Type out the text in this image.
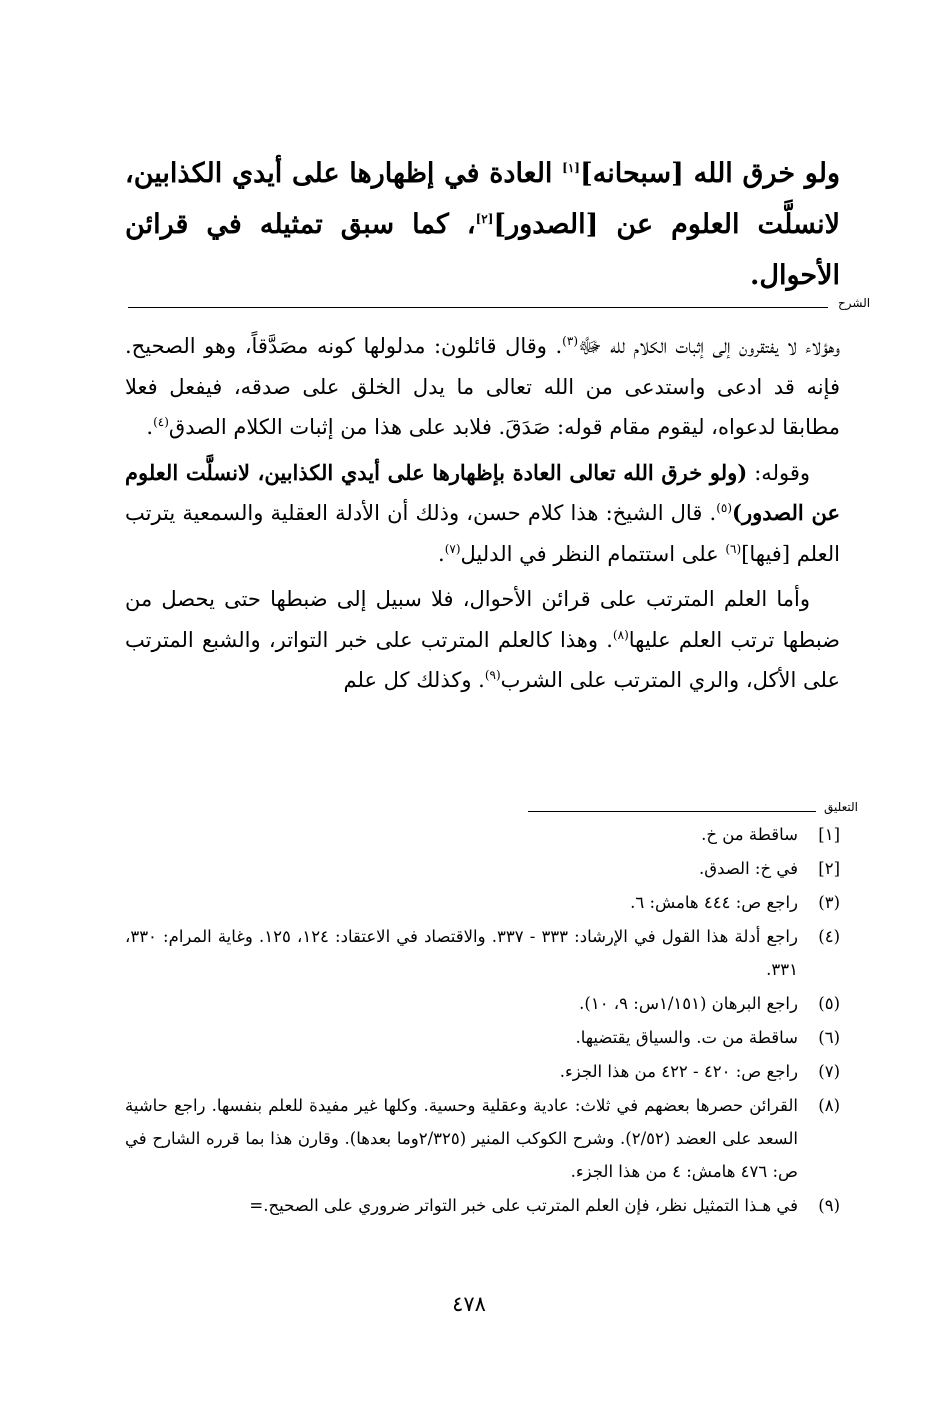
ولو خرق الله [سبحانه][١] العادة في إظهارها على أيدي الكذابين، لانسلَّت العلوم عن [الصدور][٢]، كما سبق تمثيله في قرائن الأحوال.

الشرح

وهؤلاء لا يفتقرون إلى إثبات الكلام لله ﷻ$^{(٣)}$. وقال قائلون: مدلولها كونه مصَدَّقاً، وهو الصحيح. فإنه قد ادعى واستدعى من الله تعالى ما يدل الخلق على صدقه، فيفعل فعلا مطابقا لدعواه، ليقوم مقام قوله: صَدَقَ. فلابد على هذا من إثبات الكلام الصدق$^{(٤)}$.

وقوله: (ولو خرق الله تعالى العادة بإظهارها على أيدي الكذابين، لانسلَّت العلوم عن الصدور)$^{(٥)}$. قال الشيخ: هذا كلام حسن، وذلك أن الأدلة العقلية والسمعية يترتب العلم [فيها]$^{(٦)}$ على استتمام النظر في الدليل$^{(٧)}$.

وأما العلم المترتب على قرائن الأحوال، فلا سبيل إلى ضبطها حتى يحصل من ضبطها ترتب العلم عليها$^{(٨)}$. وهذا كالعلم المترتب على خبر التواتر، والشبع المترتب على الأكل، والري المترتب على الشرب$^{(٩)}$. وكذلك كل علم

التعليق
[١]
ساقطة من خ.
[٢]
في خ: الصدق.
(٣)
راجع ص: ٤٤٤ هامش: ٦.
(٤)
راجع أدلة هذا القول في الإرشاد: ٣٣٣ - ٣٣٧. والاقتصاد في الاعتقاد: ١٢٤، ١٢٥. وغاية المرام: ٣٣٠، ٣٣١.
(٥)
راجع البرهان (١/١٥١س: ٩، ١٠).
(٦)
ساقطة من ت. والسياق يقتضيها.
(٧)
راجع ص: ٤٢٠ - ٤٢٢ من هذا الجزء.
(٨)
القرائن حصرها بعضهم في ثلاث: عادية وعقلية وحسية. وكلها غير مفيدة للعلم بنفسها. راجع حاشية السعد على العضد (٢/٥٢). وشرح الكوكب المنير (٢/٣٢٥وما بعدها). وقارن هذا بما قرره الشارح في ص: ٤٧٦ هامش: ٤ من هذا الجزء.
(٩)
في هـذا التمثيل نظر، فإن العلم المترتب على خبر التواتر ضروري على الصحيح.=
٤٧٨
